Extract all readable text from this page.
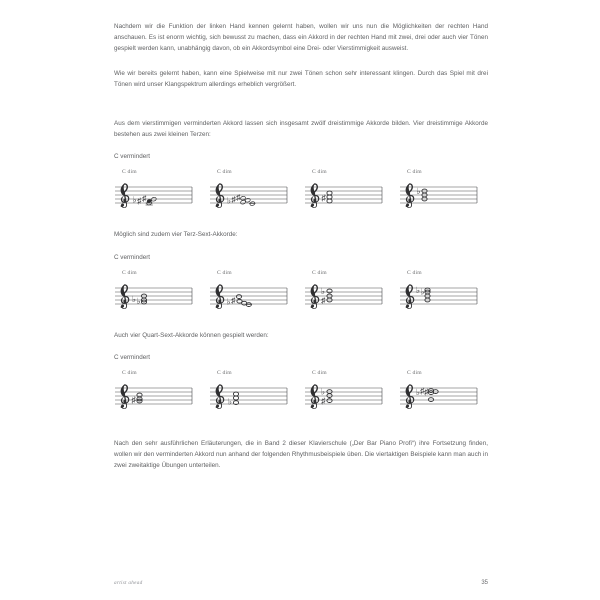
Nachdem wir die Funktion der linken Hand kennen gelernt haben, wollen wir uns nun die Möglichkeiten der rechten Hand anschauen. Es ist enorm wichtig, sich bewusst zu machen, dass ein Akkord in der rechten Hand mit zwei, drei oder auch vier Tönen gespielt werden kann, unabhängig davon, ob ein Akkordsymbol eine Drei- oder Vierstimmigkeit ausweist.

Wie wir bereits gelernt haben, kann eine Spielweise mit nur zwei Tönen schon sehr interessant klingen. Durch das Spiel mit drei Tönen wird unser Klangspektrum allerdings erheblich vergrößert.

Aus dem vierstimmigen verminderten Akkord lassen sich insgesamt zwölf dreistimmige Akkorde bilden. Vier dreistimmige Akkorde bestehen aus zwei kleinen Terzen:

C vermindert
C dim
♭ ♯ ♯
C dim
♭ ♯ ♯
C dim
♯
C dim
♭

Möglich sind zudem vier Terz-Sext-Akkorde:

C vermindert
C dim
♭ ♭
C dim
♭ ♯
C dim
♭
♯
C dim
♭ ♭

Auch vier Quart-Sext-Akkorde können gespielt werden:

C vermindert
C dim
♯
C dim
♭
C dim
♭
♯
C dim
♭ ♯ ♯

Nach den sehr ausführlichen Erläuterungen, die in Band 2 dieser Klavierschule („Der Bar Piano Profi“) ihre Fortsetzung finden, wollen wir den verminderten Akkord nun anhand der folgenden Rhythmusbeispiele üben. Die viertaktigen Beispiele kann man auch in zwei zweitaktige Übungen unterteilen.

artist ahead	35
